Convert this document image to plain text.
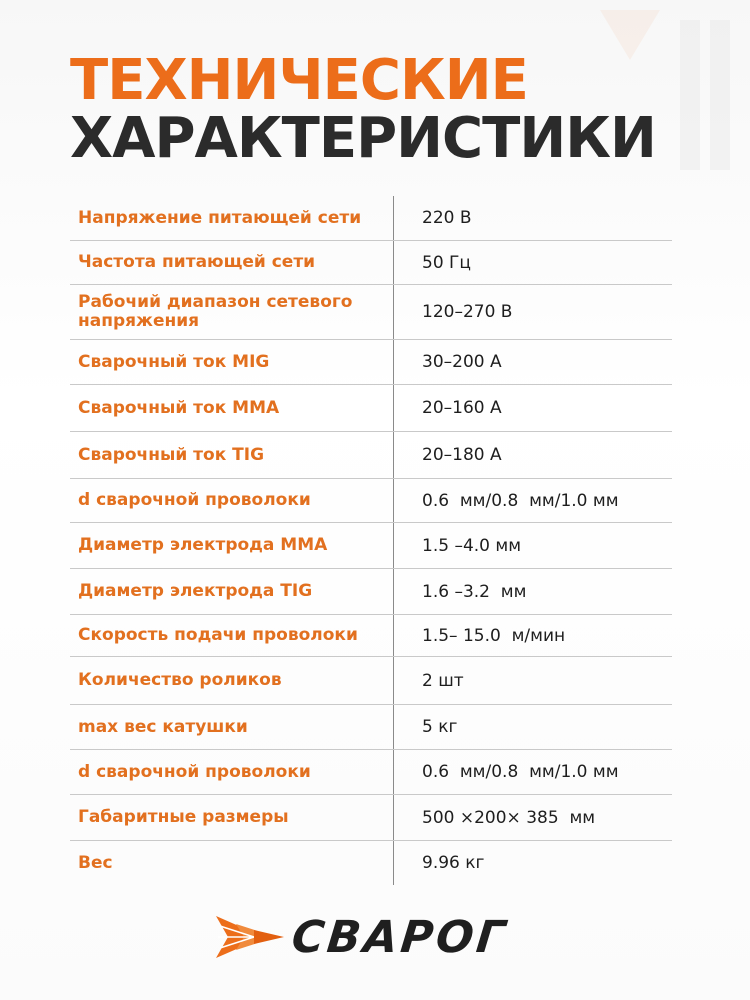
ТЕХНИЧЕСКИЕ
ХАРАКТЕРИСТИКИ
Напряжение питающей сети	220 В
Частота питающей сети	50 Гц
Рабочий диапазон сетевого напряжения	120–270 В
Сварочный ток MIG	30–200 А
Сварочный ток MMA	20–160 А
Сварочный ток TIG	20–180 А
d сварочной проволоки	0.6  мм/0.8  мм/1.0 мм
Диаметр электрода MMA	1.5 –4.0 мм
Диаметр электрода TIG	1.6 –3.2  мм
Скорость подачи проволоки	1.5– 15.0  м/мин
Количество роликов	2 шт
max вес катушки	5 кг
d сварочной проволоки	0.6  мм/0.8  мм/1.0 мм
Габаритные размеры	500 ×200× 385  мм
Вес	9.96 кг
СВАРОГ
